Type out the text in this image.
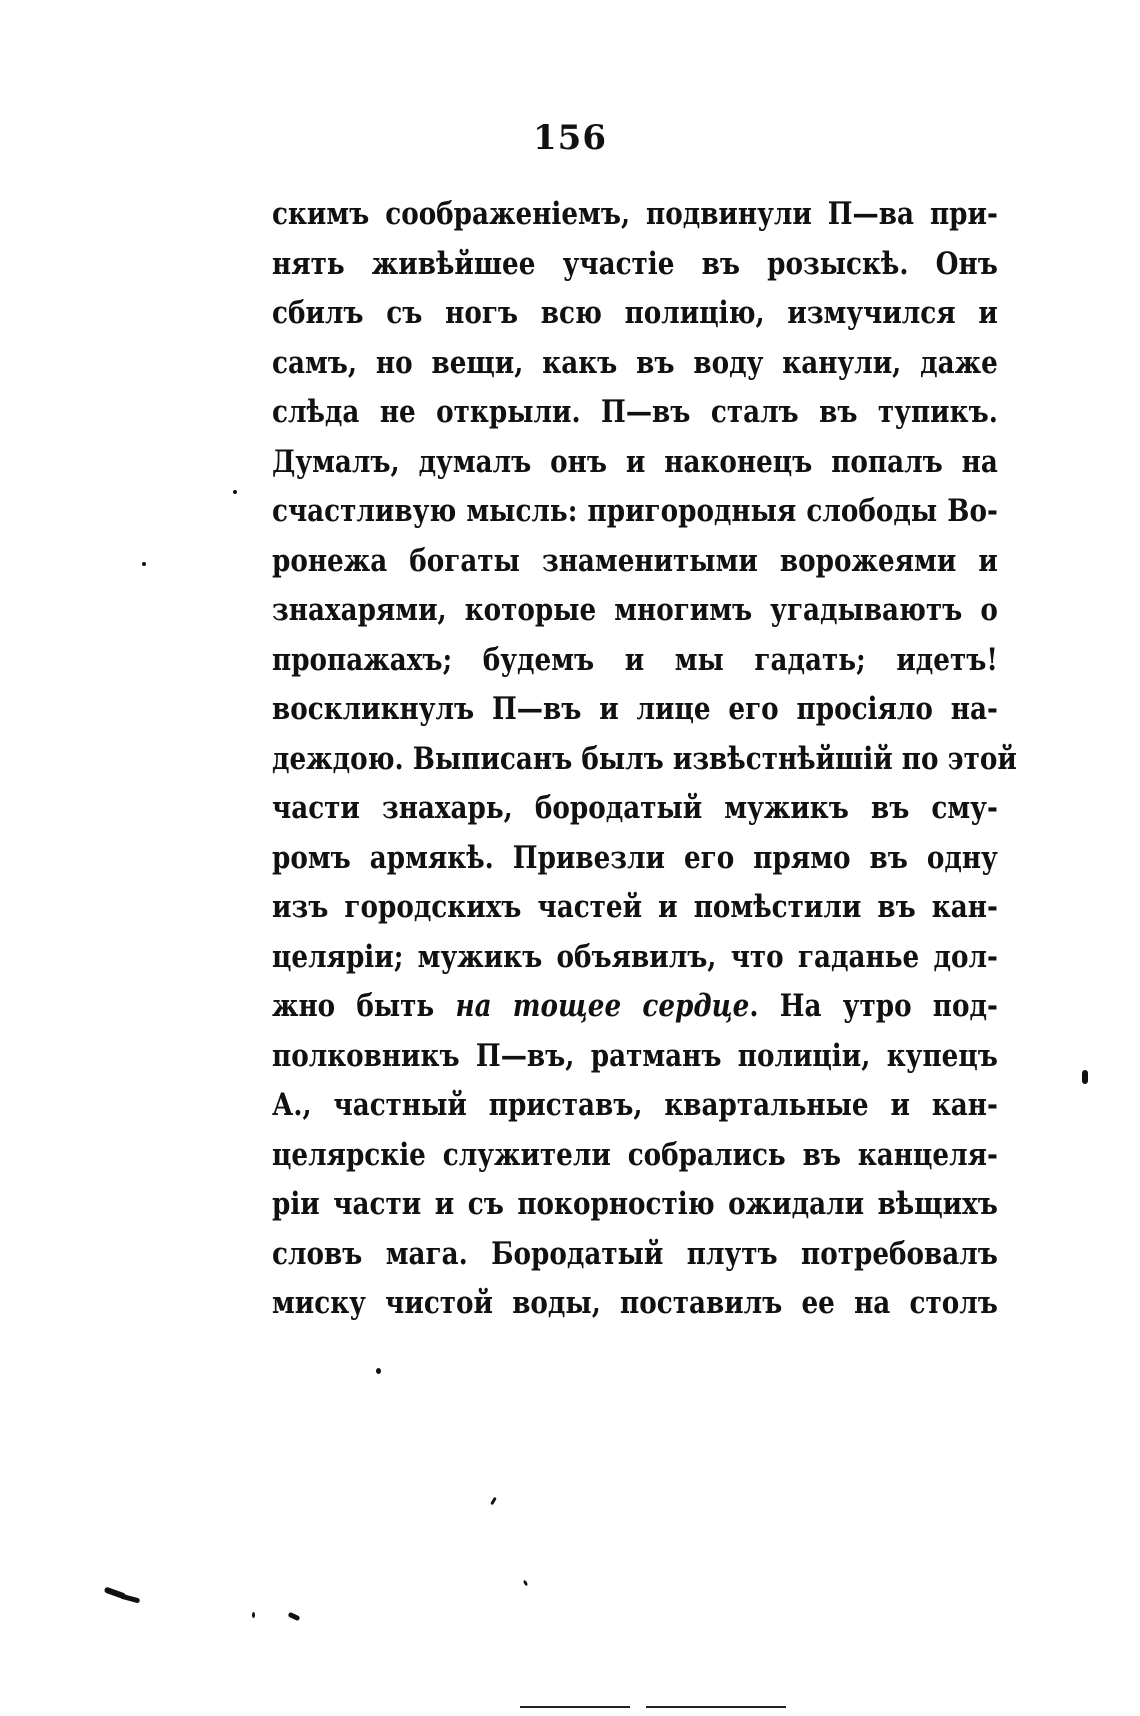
156
скимъ соображеніемъ, подвинули П—ва при-
нять живѣйшее участіе въ розыскѣ. Онъ
сбилъ съ ногъ всю полицію, измучился и
самъ, но вещи, какъ въ воду канули, даже
слѣда не открыли. П—въ сталъ въ тупикъ.
Думалъ, думалъ онъ и наконецъ попалъ на
счастливую мысль: пригородныя слободы Во-
ронежа богаты знаменитыми ворожеями и
знахарями, которые многимъ угадываютъ о
пропажахъ; будемъ и мы гадать; идетъ!
воскликнулъ П—въ и лице его просіяло на-
деждою. Выписанъ былъ извѣстнѣйшій по этой
части знахарь, бородатый мужикъ въ сму-
ромъ армякѣ. Привезли его прямо въ одну
изъ городскихъ частей и помѣстили въ кан-
целяріи; мужикъ объявилъ, что гаданье дол-
жно быть на тощее сердце. На утро под-
полковникъ П—въ, ратманъ полиціи, купецъ
А., частный приставъ, квартальные и кан-
целярскіе служители собрались въ канцеля-
ріи части и съ покорностію ожидали вѣщихъ
словъ мага. Бородатый плутъ потребовалъ
миску чистой воды, поставилъ ее на столъ
